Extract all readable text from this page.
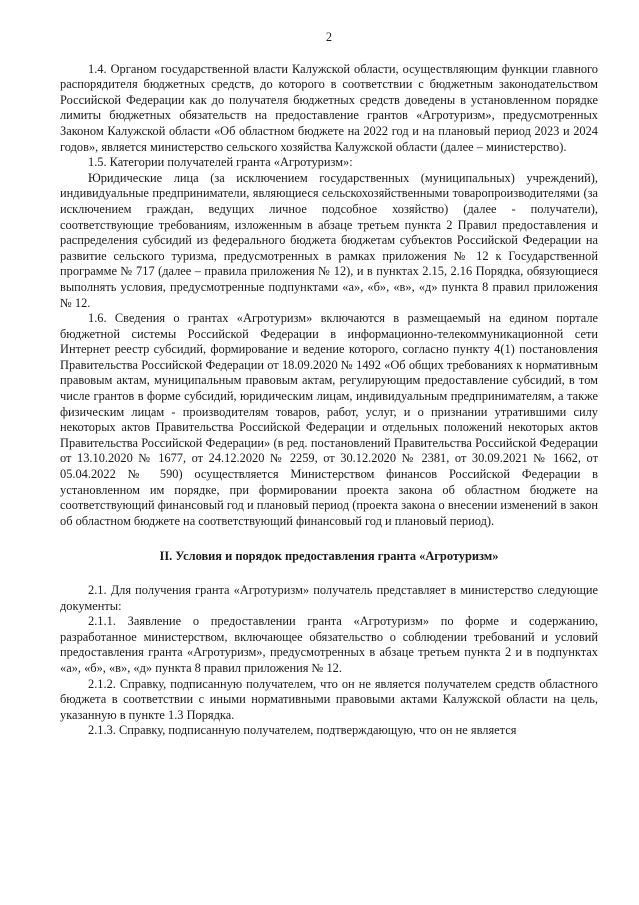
2

1.4. Органом государственной власти Калужской области, осуществляющим функции главного распорядителя бюджетных средств, до которого в соответствии с бюджетным законодательством Российской Федерации как до получателя бюджетных средств доведены в установленном порядке лимиты бюджетных обязательств на предоставление грантов «Агротуризм», предусмотренных Законом Калужской области «Об областном бюджете на 2022 год и на плановый период 2023 и 2024 годов», является министерство сельского хозяйства Калужской области (далее – министерство).

1.5. Категории получателей гранта «Агротуризм»:

Юридические лица (за исключением государственных (муниципальных) учреждений), индивидуальные предприниматели, являющиеся сельскохозяйственными товаропроизводителями (за исключением граждан, ведущих личное подсобное хозяйство) (далее - получатели), соответствующие требованиям, изложенным в абзаце третьем пункта 2 Правил предоставления и распределения субсидий из федерального бюджета бюджетам субъектов Российской Федерации на развитие сельского туризма, предусмотренных в рамках приложения № 12 к Государственной программе № 717 (далее – правила приложения № 12), и в пунктах 2.15, 2.16 Порядка, обязующиеся выполнять условия, предусмотренные подпунктами «а», «б», «в», «д» пункта 8 правил приложения № 12.

1.6. Сведения о грантах «Агротуризм» включаются в размещаемый на едином портале бюджетной системы Российской Федерации в информационно-телекоммуникационной сети Интернет реестр субсидий, формирование и ведение которого, согласно пункту 4(1) постановления Правительства Российской Федерации от 18.09.2020 № 1492 «Об общих требованиях к нормативным правовым актам, муниципальным правовым актам, регулирующим предоставление субсидий, в том числе грантов в форме субсидий, юридическим лицам, индивидуальным предпринимателям, а также физическим лицам - производителям товаров, работ, услуг, и о признании утратившими силу некоторых актов Правительства Российской Федерации и отдельных положений некоторых актов Правительства Российской Федерации» (в ред. постановлений Правительства Российской Федерации от 13.10.2020 № 1677, от 24.12.2020 № 2259, от 30.12.2020 № 2381, от 30.09.2021 № 1662, от 05.04.2022 № 590) осуществляется Министерством финансов Российской Федерации в установленном им порядке, при формировании проекта закона об областном бюджете на соответствующий финансовый год и плановый период (проекта закона о внесении изменений в закон об областном бюджете на соответствующий финансовый год и плановый период).

II. Условия и порядок предоставления гранта «Агротуризм»

2.1. Для получения гранта «Агротуризм» получатель представляет в министерство следующие документы:

2.1.1. Заявление о предоставлении гранта «Агротуризм» по форме и содержанию, разработанное министерством, включающее обязательство о соблюдении требований и условий предоставления гранта «Агротуризм», предусмотренных в абзаце третьем пункта 2 и в подпунктах «а», «б», «в», «д» пункта 8 правил приложения № 12.

2.1.2. Справку, подписанную получателем, что он не является получателем средств областного бюджета в соответствии с иными нормативными правовыми актами Калужской области на цель, указанную в пункте 1.3 Порядка.

2.1.3. Справку, подписанную получателем, подтверждающую, что он не является
